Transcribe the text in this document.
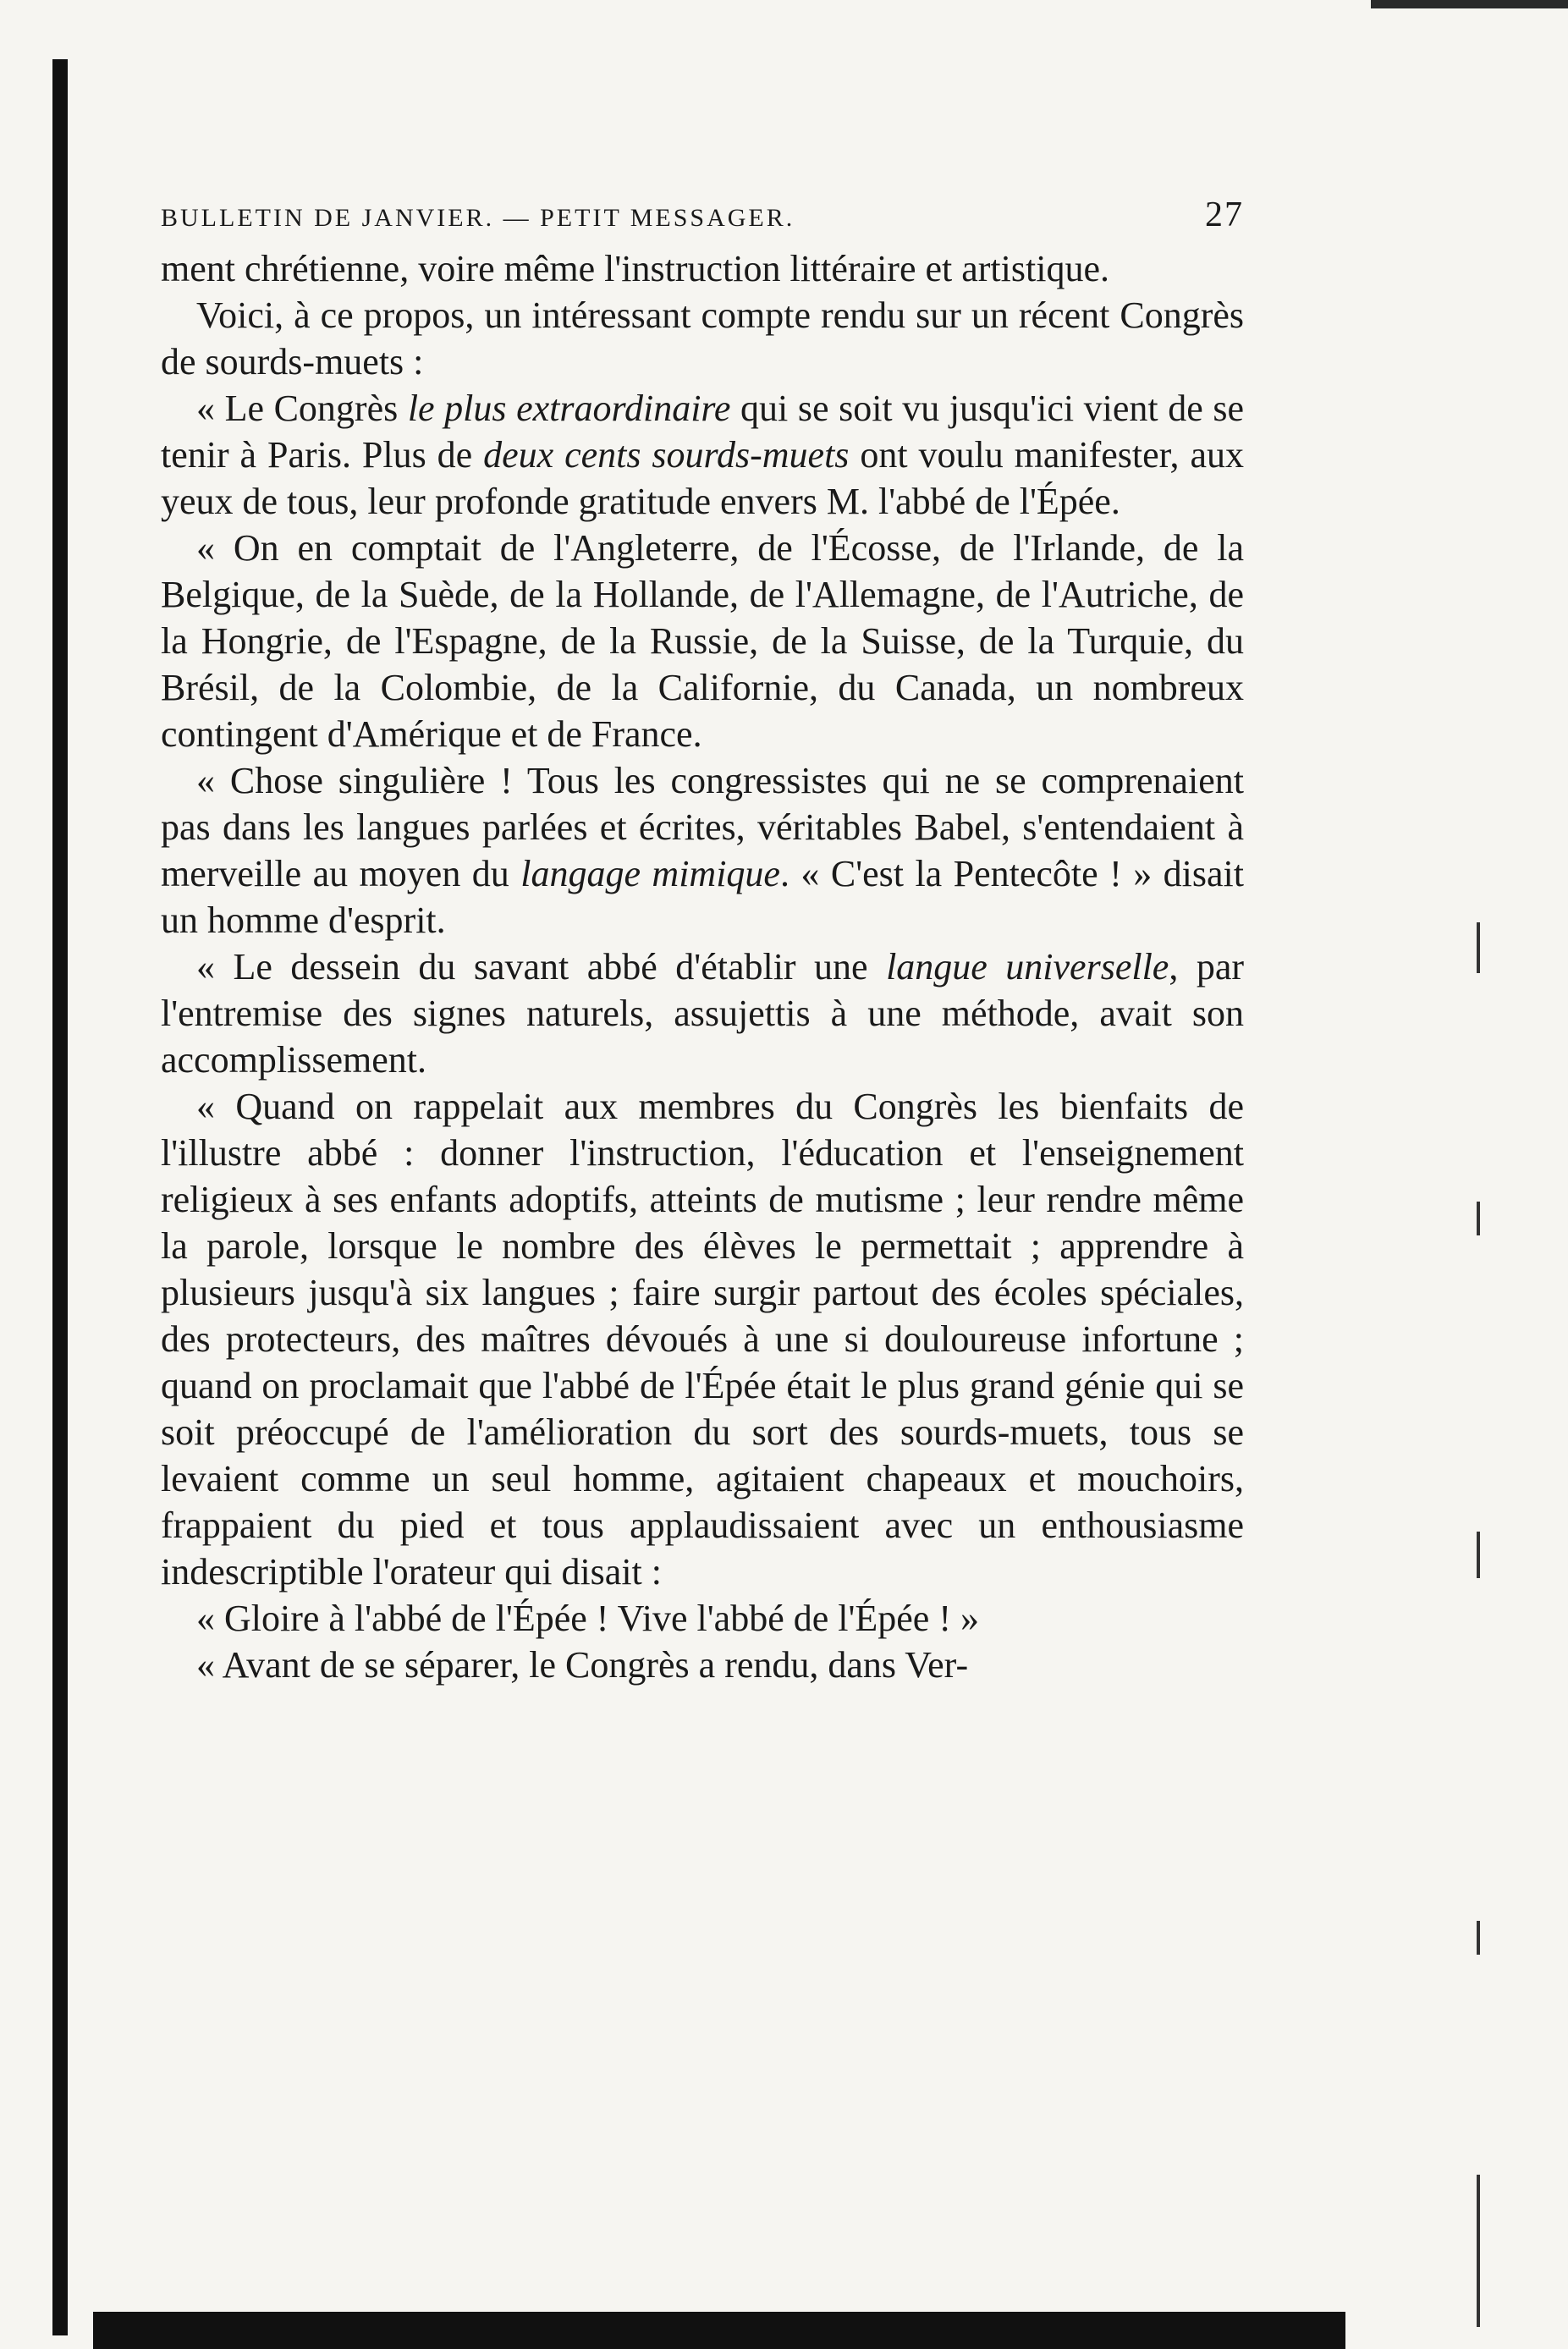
BULLETIN DE JANVIER. — PETIT MESSAGER.	27

ment chrétienne, voire même l'instruction littéraire et artistique.

Voici, à ce propos, un intéressant compte rendu sur un récent Congrès de sourds-muets :

« Le Congrès le plus extraordinaire qui se soit vu jusqu'ici vient de se tenir à Paris. Plus de deux cents sourds-muets ont voulu manifester, aux yeux de tous, leur profonde gratitude envers M. l'abbé de l'Épée.

« On en comptait de l'Angleterre, de l'Écosse, de l'Irlande, de la Belgique, de la Suède, de la Hollande, de l'Allemagne, de l'Autriche, de la Hongrie, de l'Espagne, de la Russie, de la Suisse, de la Turquie, du Brésil, de la Colombie, de la Californie, du Canada, un nombreux contingent d'Amérique et de France.

« Chose singulière ! Tous les congressistes qui ne se comprenaient pas dans les langues parlées et écrites, véritables Babel, s'entendaient à merveille au moyen du langage mimique. « C'est la Pentecôte ! » disait un homme d'esprit.

« Le dessein du savant abbé d'établir une langue universelle, par l'entremise des signes naturels, assujettis à une méthode, avait son accomplissement.

« Quand on rappelait aux membres du Congrès les bienfaits de l'illustre abbé : donner l'instruction, l'éducation et l'enseignement religieux à ses enfants adoptifs, atteints de mutisme ; leur rendre même la parole, lorsque le nombre des élèves le permettait ; apprendre à plusieurs jusqu'à six langues ; faire surgir partout des écoles spéciales, des protecteurs, des maîtres dévoués à une si douloureuse infortune ; quand on proclamait que l'abbé de l'Épée était le plus grand génie qui se soit préoccupé de l'amélioration du sort des sourds-muets, tous se levaient comme un seul homme, agitaient chapeaux et mouchoirs, frappaient du pied et tous applaudissaient avec un enthousiasme indescriptible l'orateur qui disait :

« Gloire à l'abbé de l'Épée ! Vive l'abbé de l'Épée ! »

« Avant de se séparer, le Congrès a rendu, dans Ver-
